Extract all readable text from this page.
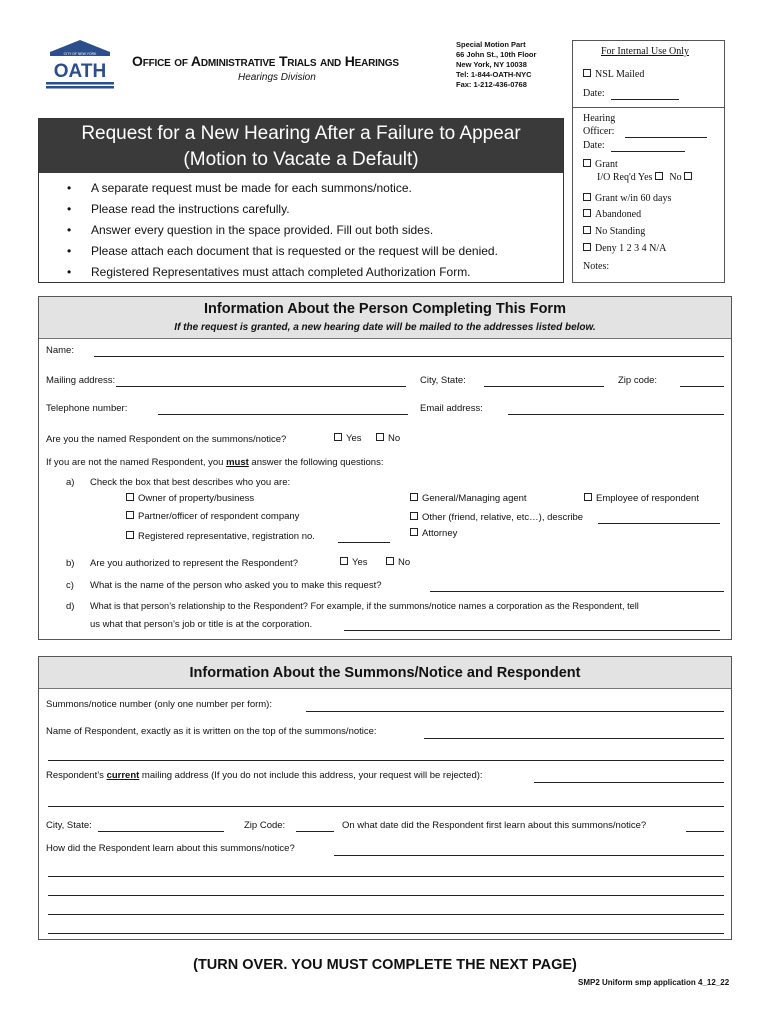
CITY OF NEW YORK
OATH Office of Administrative Trials and Hearings
Hearings Division
Special Motion Part
66 John St., 10th Floor
New York, NY 10038
Tel: 1-844-OATH-NYC
Fax: 1-212-436-0768
For Internal Use Only
NSL Mailed
Date:
Hearing
Officer:
Date:
Grant
I/O Req'd Yes No
Grant w/in 60 days
Abandoned
No Standing
Deny 1 2 3 4 N/A
Notes:
Request for a New Hearing After a Failure to Appear
(Motion to Vacate a Default)
• A separate request must be made for each summons/notice.
• Please read the instructions carefully.
• Answer every question in the space provided. Fill out both sides.
• Please attach each document that is requested or the request will be denied.
• Registered Representatives must attach completed Authorization Form.
Information About the Person Completing This Form
If the request is granted, a new hearing date will be mailed to the addresses listed below.
Name:
Mailing address:	City, State:	Zip code:
Telephone number:	Email address:
Are you the named Respondent on the summons/notice?	Yes	No
If you are not the named Respondent, you must answer the following questions:
a) Check the box that best describes who you are:
Owner of property/business
Partner/officer of respondent company
Registered representative, registration no.
General/Managing agent	Employee of respondent
Other (friend, relative, etc…), describe
Attorney
b) Are you authorized to represent the Respondent?	Yes	No
c) What is the name of the person who asked you to make this request?
d) What is that person’s relationship to the Respondent? For example, if the summons/notice names a corporation as the Respondent, tell
us what that person’s job or title is at the corporation.
Information About the Summons/Notice and Respondent
Summons/notice number (only one number per form):
Name of Respondent, exactly as it is written on the top of the summons/notice:
Respondent’s current mailing address (If you do not include this address, your request will be rejected):
City, State:	Zip Code:	On what date did the Respondent first learn about this summons/notice?
How did the Respondent learn about this summons/notice?
(TURN OVER. YOU MUST COMPLETE THE NEXT PAGE)
SMP2 Uniform smp application 4_12_22
